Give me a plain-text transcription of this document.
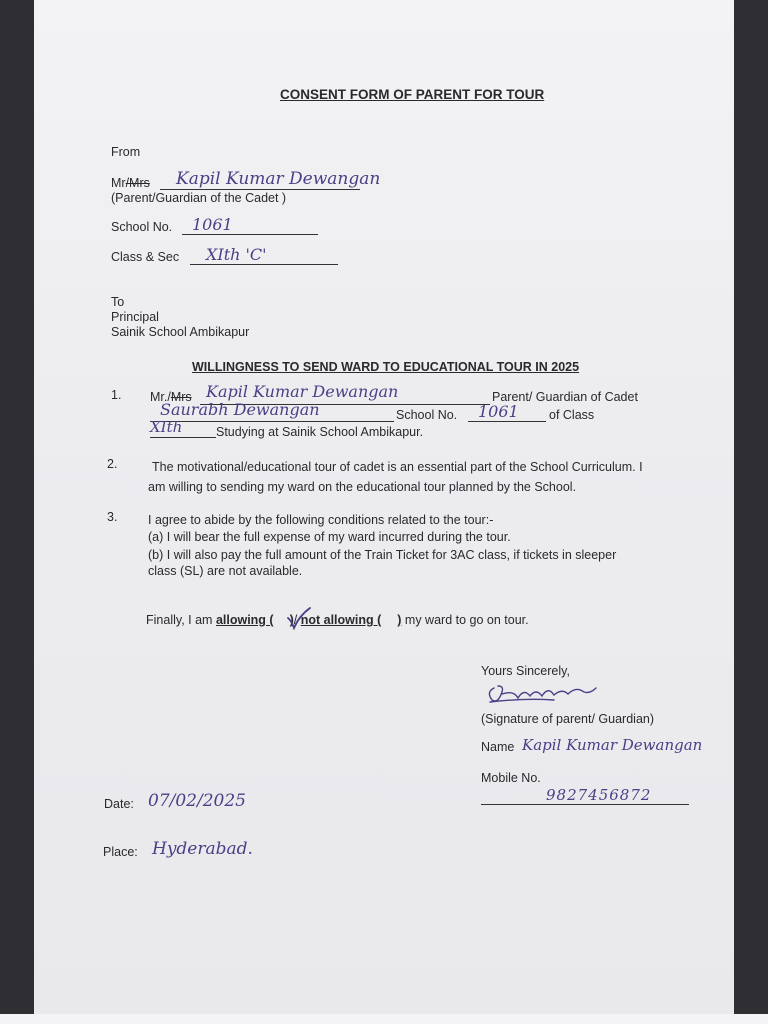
CONSENT FORM OF PARENT FOR TOUR
From
Mr/Mrs Kapil Kumar Dewangan
(Parent/Guardian of the Cadet )
School No. 1061
Class & Sec XIth 'C'
To
Principal
Sainik School Ambikapur
WILLINGNESS TO SEND WARD TO EDUCATIONAL TOUR IN 2025
1. Mr./Mrs Kapil Kumar Dewangan	Parent/ Guardian of Cadet
Saurabh Dewangan	School No. 1061 of Class
XIth	Studying at Sainik School Ambikapur.
2.	The motivational/educational tour of cadet is an essential part of the School Curriculum. I
am willing to sending my ward on the educational tour planned by the School.
3. I agree to abide by the following conditions related to the tour:-
(a) I will bear the full expense of my ward incurred during the tour.
(b) I will also pay the full amount of the Train Ticket for 3AC class, if tickets in sleeper
class (SL) are not available.
Finally, I am allowing ( )/ not allowing ( ) my ward to go on tour.
Yours Sincerely,
(Signature of parent/ Guardian)
Name Kapil Kumar Dewangan
Mobile No.
9827456872
Date: 07/02/2025
Place: Hyderabad.
